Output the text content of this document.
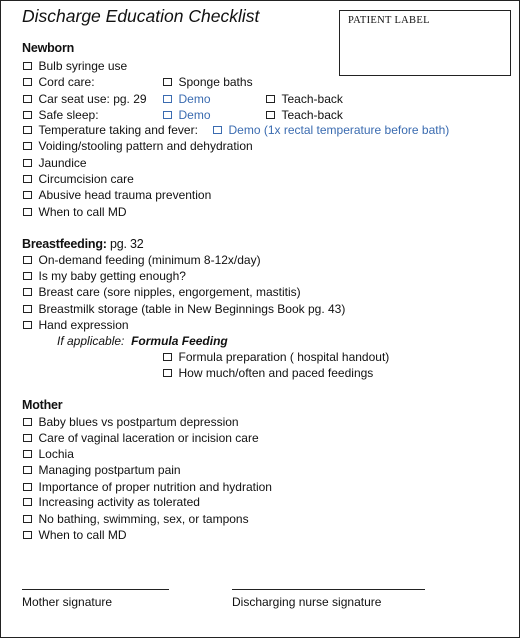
Discharge Education Checklist	PATIENT LABEL
Newborn
Bulb syringe use
Cord care:	Sponge baths
Car seat use: pg. 29	Demo	Teach-back
Safe sleep:	Demo	Teach-back
Temperature taking and fever:	Demo (1x rectal temperature before bath)
Voiding/stooling pattern and dehydration
Jaundice
Circumcision care
Abusive head trauma prevention
When to call MD
Breastfeeding: pg. 32
On-demand feeding (minimum 8-12x/day)
Is my baby getting enough?
Breast care (sore nipples, engorgement, mastitis)
Breastmilk storage (table in New Beginnings Book pg. 43)
Hand expression
If applicable: Formula Feeding
Formula preparation ( hospital handout)
How much/often and paced feedings
Mother
Baby blues vs postpartum depression
Care of vaginal laceration or incision care
Lochia
Managing postpartum pain
Importance of proper nutrition and hydration
Increasing activity as tolerated
No bathing, swimming, sex, or tampons
When to call MD
Mother signature	Discharging nurse signature
